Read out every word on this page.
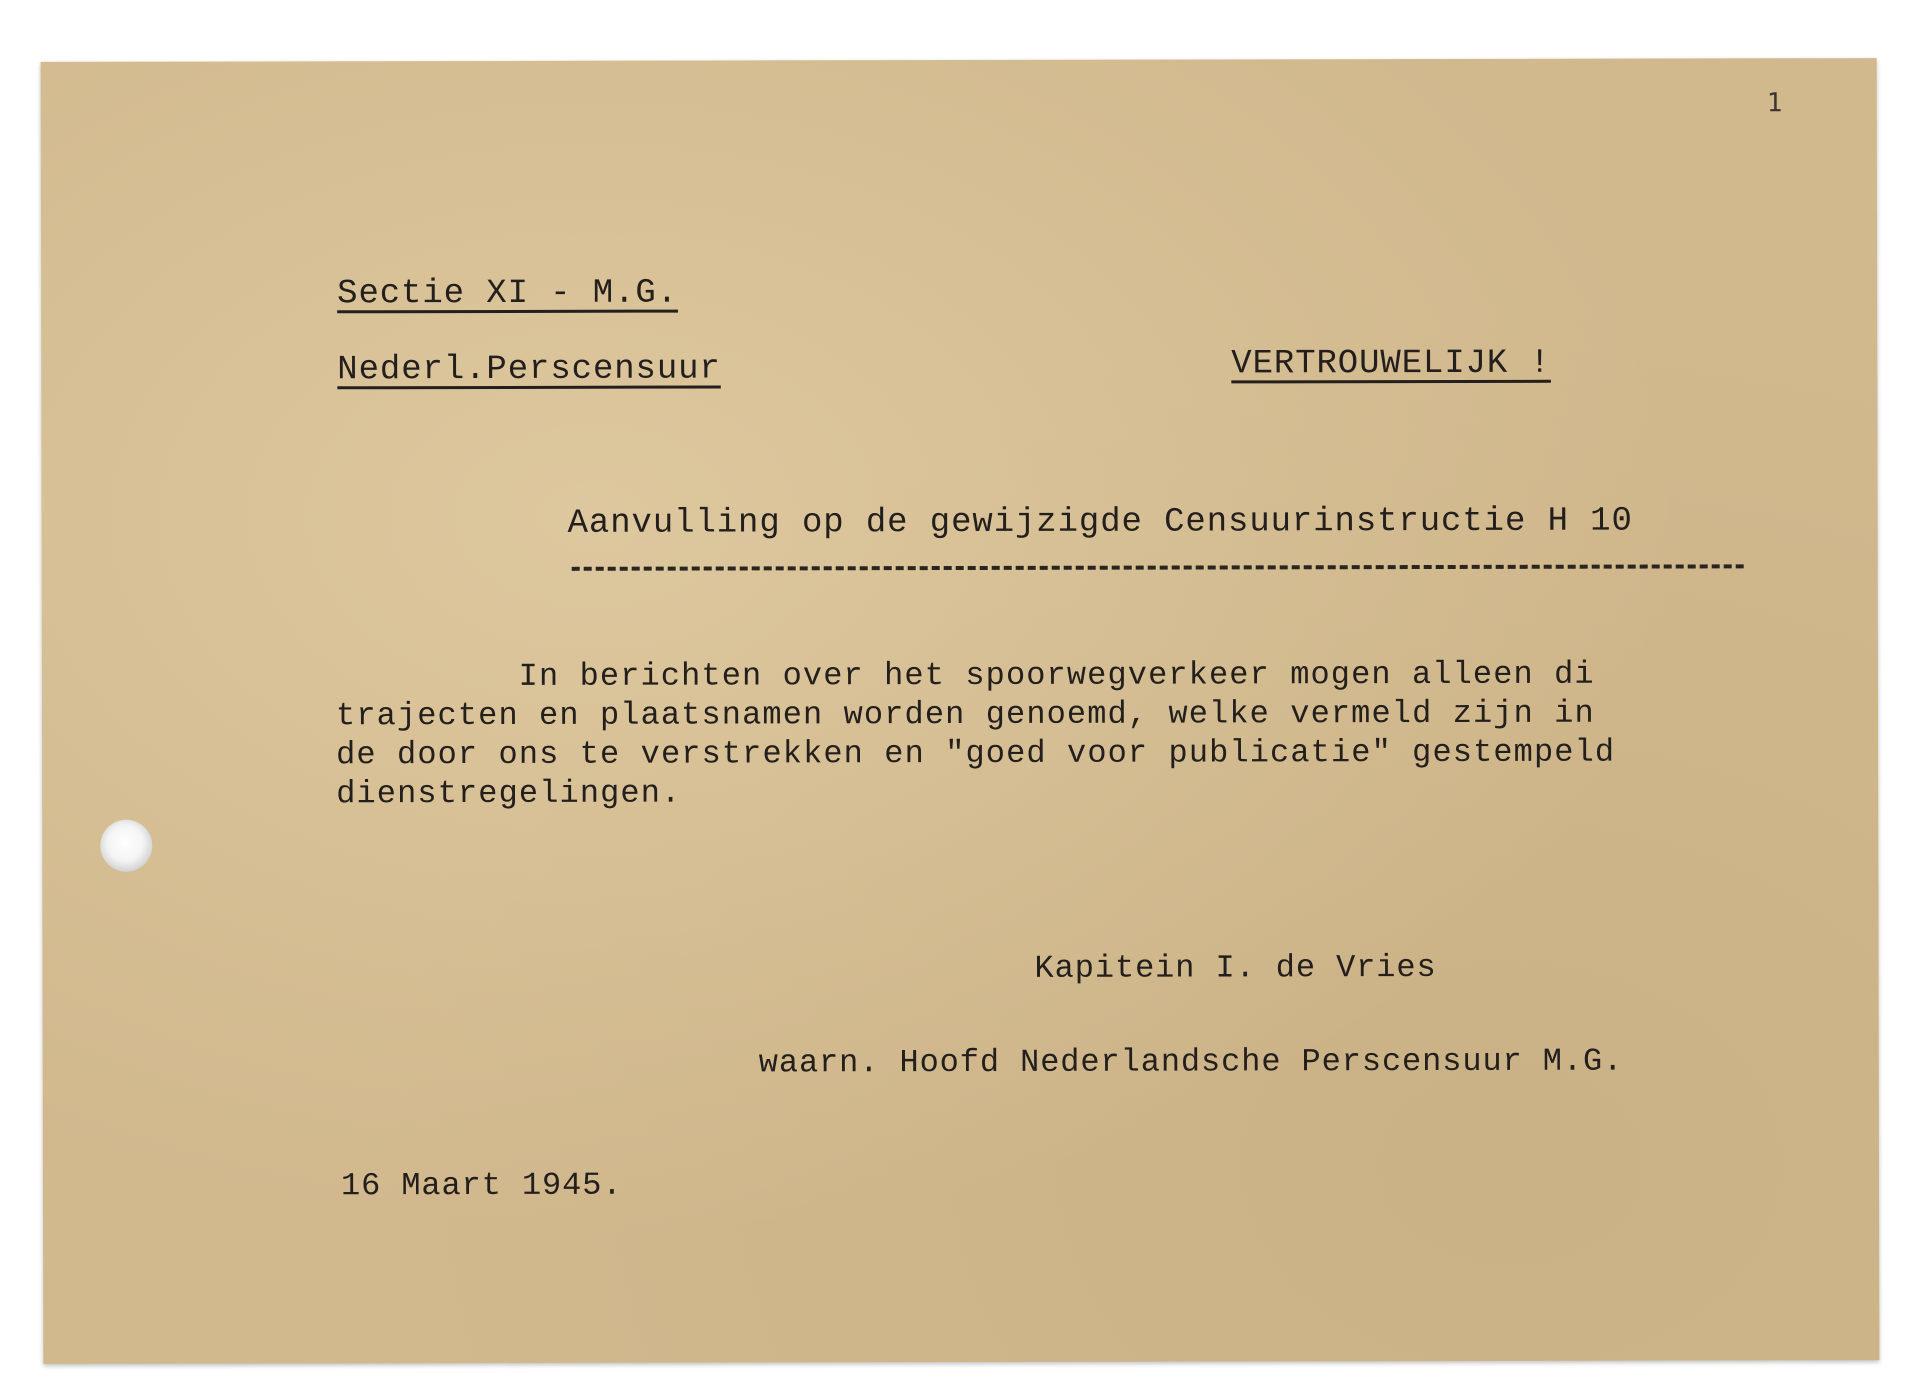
1
Sectie XI - M.G.
Nederl.Perscensuur	VERTROUWELIJK !
Aanvulling op de gewijzigde Censuurinstructie H 10
In berichten over het spoorwegverkeer mogen alleen di
trajecten en plaatsnamen worden genoemd, welke vermeld zijn in
de door ons te verstrekken en "goed voor publicatie" gestempeld
dienstregelingen.
Kapitein I. de Vries
waarn. Hoofd Nederlandsche Perscensuur M.G.
16 Maart 1945.
